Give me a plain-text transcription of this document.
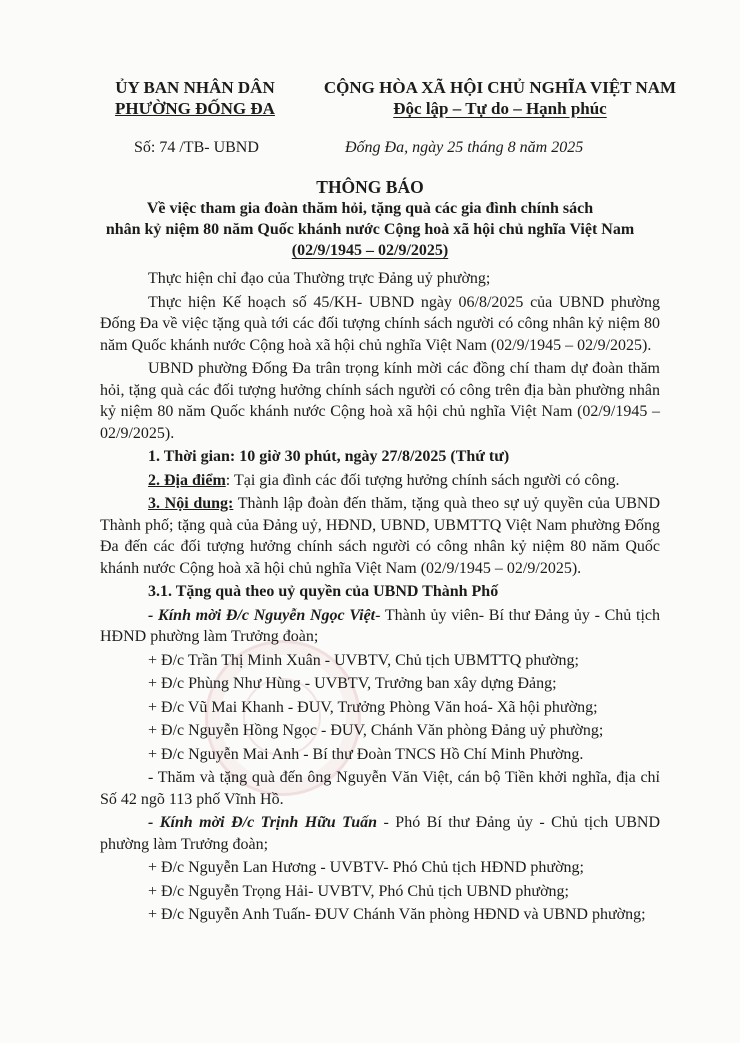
ỦY BAN NHÂN DÂN
PHƯỜNG ĐỐNG ĐA
CỘNG HÒA XÃ HỘI CHỦ NGHĨA VIỆT NAM
Độc lập – Tự do – Hạnh phúc
Số: 74 /TB- UBND	Đống Đa, ngày 25 tháng 8 năm 2025
THÔNG BÁO
Về việc tham gia đoàn thăm hỏi, tặng quà các gia đình chính sách
nhân kỷ niệm 80 năm Quốc khánh nước Cộng hoà xã hội chủ nghĩa Việt Nam
(02/9/1945 – 02/9/2025)

Thực hiện chỉ đạo của Thường trực Đảng uỷ phường;

Thực hiện Kế hoạch số 45/KH- UBND ngày 06/8/2025 của UBND phường Đống Đa về việc tặng quà tới các đối tượng chính sách người có công nhân kỷ niệm 80 năm Quốc khánh nước Cộng hoà xã hội chủ nghĩa Việt Nam (02/9/1945 – 02/9/2025).

UBND phường Đống Đa trân trọng kính mời các đồng chí tham dự đoàn thăm hỏi, tặng quà các đối tượng hưởng chính sách người có công trên địa bàn phường nhân kỷ niệm 80 năm Quốc khánh nước Cộng hoà xã hội chủ nghĩa Việt Nam (02/9/1945 – 02/9/2025).

1. Thời gian: 10 giờ 30 phút, ngày 27/8/2025 (Thứ tư)

2. Địa điểm: Tại gia đình các đối tượng hưởng chính sách người có công.

3. Nội dung: Thành lập đoàn đến thăm, tặng quà theo sự uỷ quyền của UBND Thành phố; tặng quà của Đảng uỷ, HĐND, UBND, UBMTTQ Việt Nam phường Đống Đa đến các đối tượng hưởng chính sách người có công nhân kỷ niệm 80 năm Quốc khánh nước Cộng hoà xã hội chủ nghĩa Việt Nam (02/9/1945 – 02/9/2025).

3.1. Tặng quà theo uỷ quyền của UBND Thành Phố

- Kính mời Đ/c Nguyễn Ngọc Việt- Thành ủy viên- Bí thư Đảng ủy - Chủ tịch HĐND phường làm Trưởng đoàn;

+ Đ/c Trần Thị Minh Xuân - UVBTV, Chủ tịch UBMTTQ phường;

+ Đ/c Phùng Như Hùng - UVBTV, Trưởng ban xây dựng Đảng;

+ Đ/c Vũ Mai Khanh - ĐUV, Trưởng Phòng Văn hoá- Xã hội phường;

+ Đ/c Nguyễn Hồng Ngọc - ĐUV, Chánh Văn phòng Đảng uỷ phường;

+ Đ/c Nguyễn Mai Anh - Bí thư Đoàn TNCS Hồ Chí Minh Phường.

- Thăm và tặng quà đến ông Nguyễn Văn Việt, cán bộ Tiền khởi nghĩa, địa chỉ Số 42 ngõ 113 phố Vĩnh Hồ.

- Kính mời Đ/c Trịnh Hữu Tuấn - Phó Bí thư Đảng ủy - Chủ tịch UBND phường làm Trưởng đoàn;

+ Đ/c Nguyễn Lan Hương - UVBTV- Phó Chủ tịch HĐND phường;

+ Đ/c Nguyễn Trọng Hải- UVBTV, Phó Chủ tịch UBND phường;

+ Đ/c Nguyễn Anh Tuấn- ĐUV Chánh Văn phòng HĐND và UBND phường;
